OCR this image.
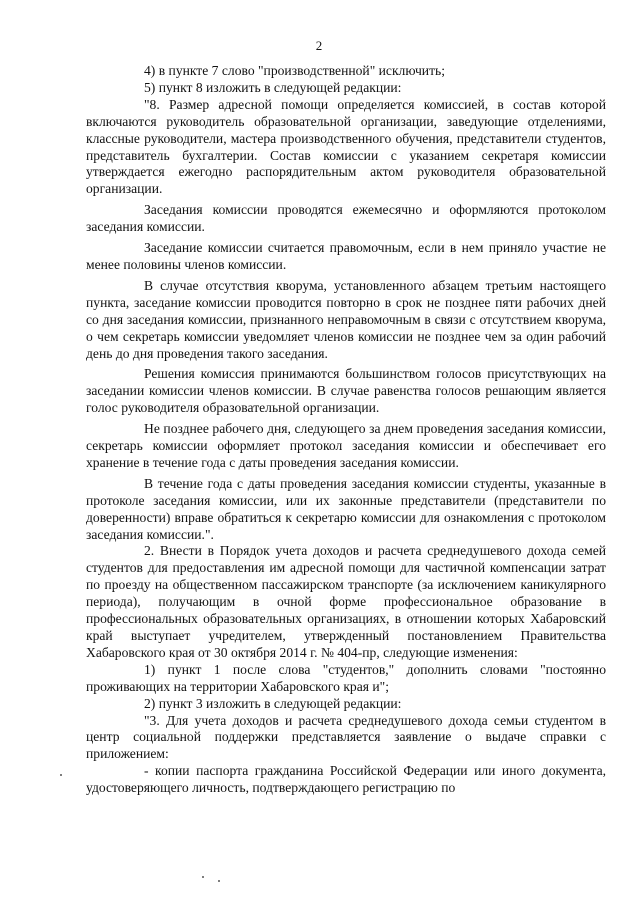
2

4) в пункте 7 слово "производственной" исключить;

5) пункт 8 изложить в следующей редакции:

"8. Размер адресной помощи определяется комиссией, в состав которой включаются руководитель образовательной организации, заведующие отделениями, классные руководители, мастера производственного обучения, представители студентов, представитель бухгалтерии. Состав комиссии с указанием секретаря комиссии утверждается ежегодно распорядительным актом руководителя образовательной организации.

Заседания комиссии проводятся ежемесячно и оформляются протоколом заседания комиссии.

Заседание комиссии считается правомочным, если в нем приняло участие не менее половины членов комиссии.

В случае отсутствия кворума, установленного абзацем третьим настоящего пункта, заседание комиссии проводится повторно в срок не позднее пяти рабочих дней со дня заседания комиссии, признанного неправомочным в связи с отсутствием кворума, о чем секретарь комиссии уведомляет членов комиссии не позднее чем за один рабочий день до дня проведения такого заседания.

Решения комиссия принимаются большинством голосов присутствующих на заседании комиссии членов комиссии. В случае равенства голосов решающим является голос руководителя образовательной организации.

Не позднее рабочего дня, следующего за днем проведения заседания комиссии, секретарь комиссии оформляет протокол заседания комиссии и обеспечивает его хранение в течение года с даты проведения заседания комиссии.

В течение года с даты проведения заседания комиссии студенты, указанные в протоколе заседания комиссии, или их законные представители (представители по доверенности) вправе обратиться к секретарю комиссии для ознакомления с протоколом заседания комиссии.".

2. Внести в Порядок учета доходов и расчета среднедушевого дохода семей студентов для предоставления им адресной помощи для частичной компенсации затрат по проезду на общественном пассажирском транспорте (за исключением каникулярного периода), получающим в очной форме профессиональное образование в профессиональных образовательных организациях, в отношении которых Хабаровский край выступает учредителем, утвержденный постановлением Правительства Хабаровского края от 30 октября 2014 г. № 404-пр, следующие изменения:

1) пункт 1 после слова "студентов," дополнить словами "постоянно проживающих на территории Хабаровского края и";

2) пункт 3 изложить в следующей редакции:

"3. Для учета доходов и расчета среднедушевого дохода семьи студентом в центр социальной поддержки представляется заявление о выдаче справки с приложением:

- копии паспорта гражданина Российской Федерации или иного документа, удостоверяющего личность, подтверждающего регистрацию по
